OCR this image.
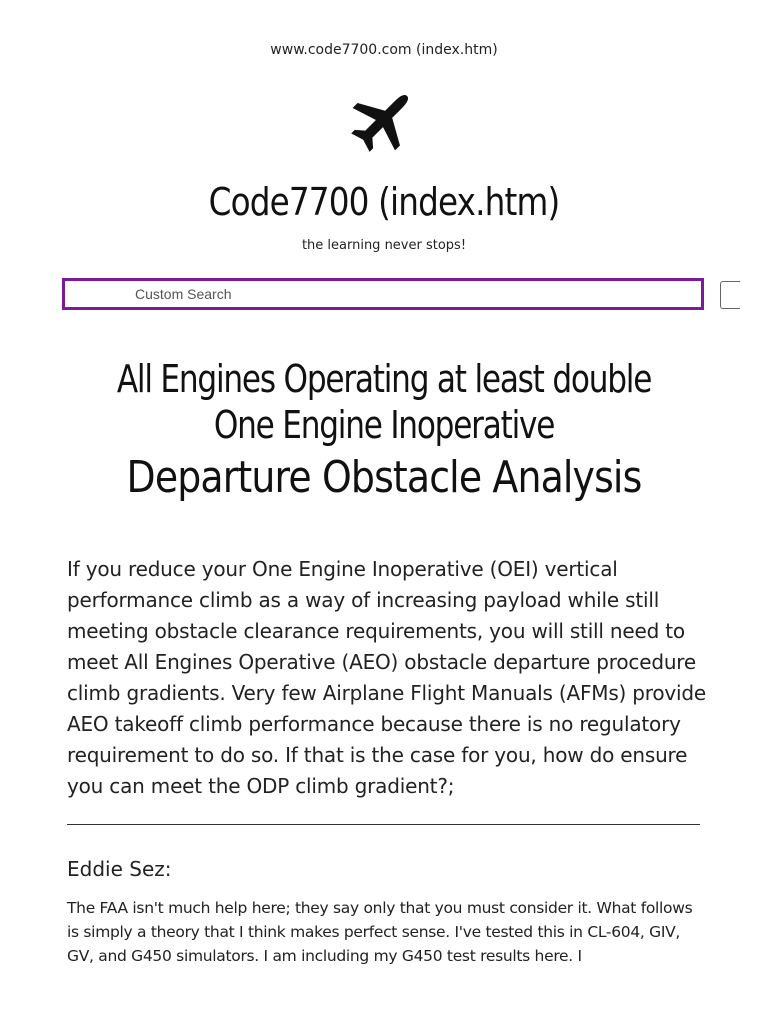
www.code7700.com (index.htm)
Code7700 (index.htm)
the learning never stops!
Custom Search
All Engines Operating at least double One Engine Inoperative
Departure Obstacle Analysis
If you reduce your One Engine Inoperative (OEI) vertical performance climb as a way of increasing payload while still meeting obstacle clearance requirements, you will still need to meet All Engines Operative (AEO) obstacle departure procedure climb gradients. Very few Airplane Flight Manuals (AFMs) provide AEO takeoff climb performance because there is no regulatory requirement to do so. If that is the case for you, how do ensure you can meet the ODP climb gradient?;
Eddie Sez:
The FAA isn't much help here; they say only that you must consider it. What follows is simply a theory that I think makes perfect sense. I've tested this in CL-604, GIV, GV, and G450 simulators. I am including my G450 test results here. I
